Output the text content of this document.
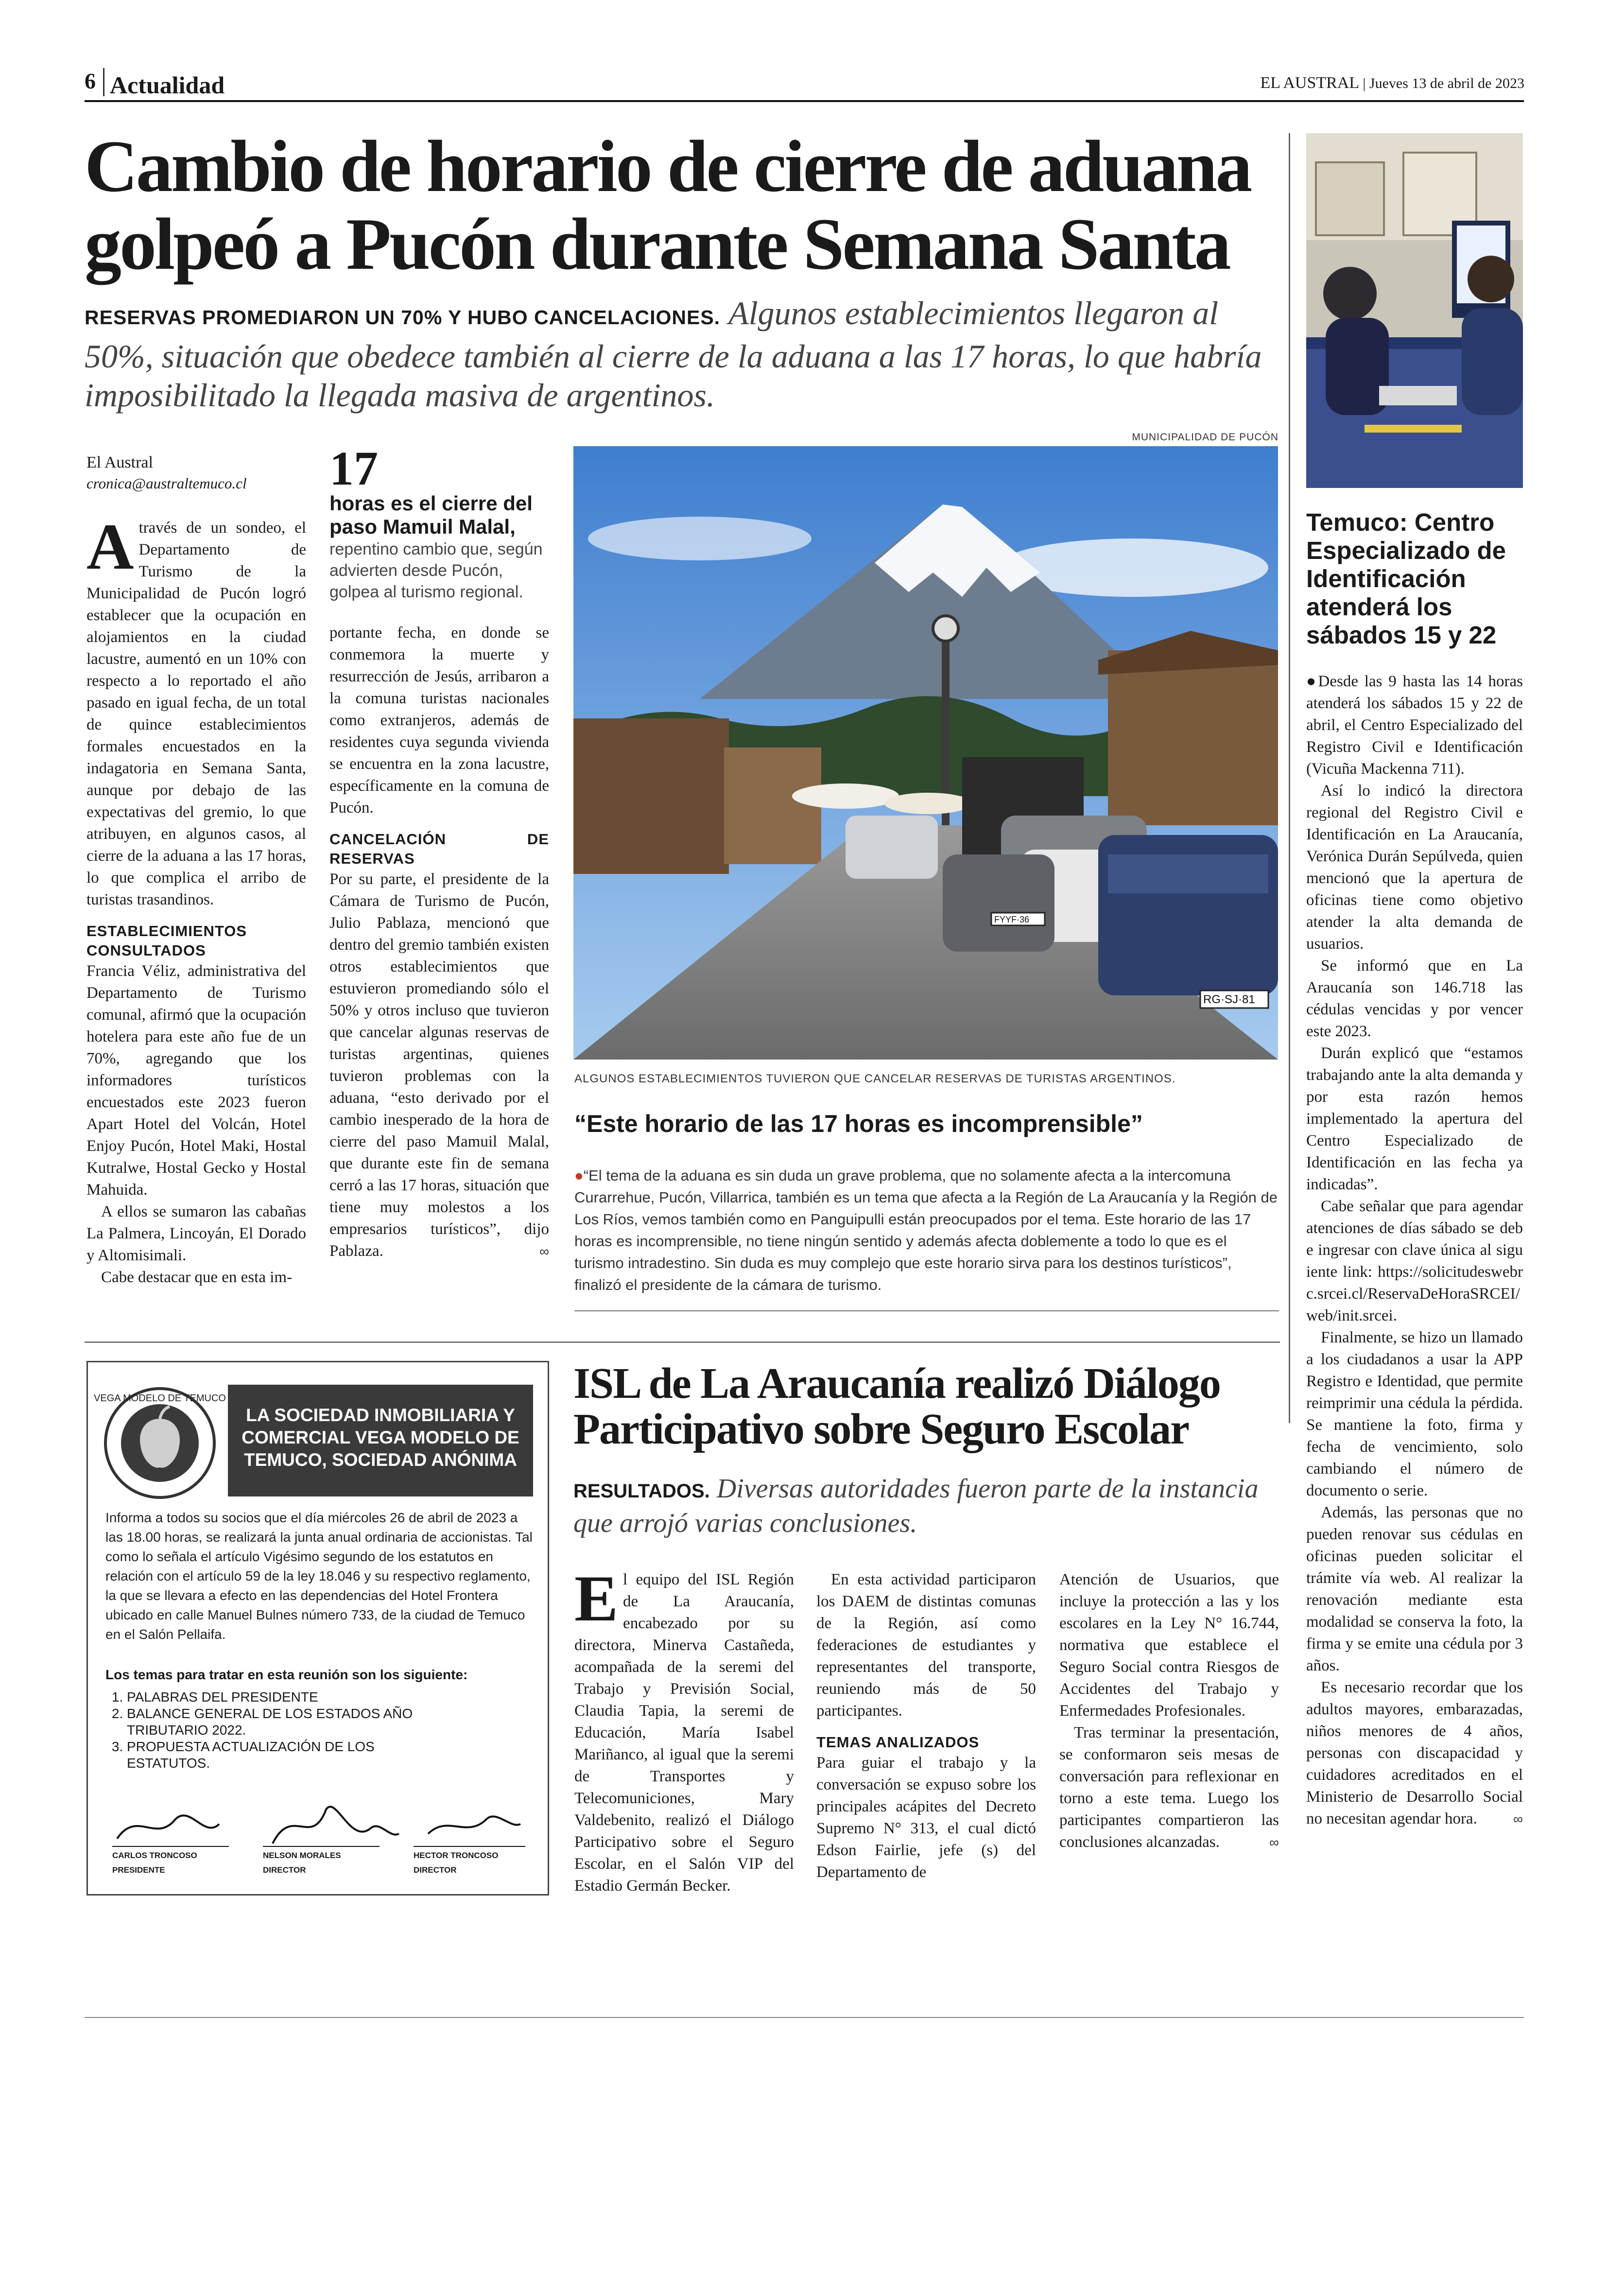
6 Actualidad	EL AUSTRAL | Jueves 13 de abril de 2023
Cambio de horario de cierre de aduana
golpeó a Pucón durante Semana Santa
RESERVAS PROMEDIARON UN 70% Y HUBO CANCELACIONES. Algunos establecimientos llegaron al 50%, situación que obedece también al cierre de la aduana a las 17 horas, lo que habría imposibilitado la llegada masiva de argentinos.
El Austral
cronica@australtemuco.cl

Através de un sondeo, el Departamento de Turismo de la Municipalidad de Pucón logró establecer que la ocupación en alojamientos en la ciudad lacustre, aumentó en un 10% con respecto a lo reportado el año pasado en igual fecha, de un total de quince establecimientos formales encuestados en la indagatoria en Semana Santa, aunque por debajo de las expectativas del gremio, lo que atribuyen, en algunos casos, al cierre de la aduana a las 17 horas, lo que complica el arribo de turistas trasandinos.

ESTABLECIMIENTOS CONSULTADOS

Francia Véliz, administrativa del Departamento de Turismo comunal, afirmó que la ocupación hotelera para este año fue de un 70%, agregando que los informadores turísticos encuestados este 2023 fueron Apart Hotel del Volcán, Hotel Enjoy Pucón, Hotel Maki, Hostal Kutralwe, Hostal Gecko y Hostal Mahuida.

A ellos se sumaron las cabañas La Palmera, Lincoyán, El Dorado y Altomisimali.

Cabe destacar que en esta im-

17
horas es el cierre del paso Mamuil Malal,
repentino cambio que, según advierten desde Pucón, golpea al turismo regional.

portante fecha, en donde se conmemora la muerte y resurrección de Jesús, arribaron a la comuna turistas nacionales como extranjeros, además de residentes cuya segunda vivienda se encuentra en la zona lacustre, específicamente en la comuna de Pucón.

CANCELACIÓN DE RESERVAS

Por su parte, el presidente de la Cámara de Turismo de Pucón, Julio Pablaza, mencionó que dentro del gremio también existen otros establecimientos que estuvieron promediando sólo el 50% y otros incluso que tuvieron que cancelar algunas reservas de turistas argentinas, quienes tuvieron problemas con la aduana, “esto derivado por el cambio inesperado de la hora de cierre del paso Mamuil Malal, que durante este fin de semana cerró a las 17 horas, situación que tiene muy molestos a los empresarios turísticos”, dijo Pablaza.	∞

MUNICIPALIDAD DE PUCÓN
FYYF·36
RG·SJ·81
ALGUNOS ESTABLECIMIENTOS TUVIERON QUE CANCELAR RESERVAS DE TURISTAS ARGENTINOS.
“Este horario de las 17 horas es incomprensible”
●“El tema de la aduana es sin duda un grave problema, que no solamente afecta a la intercomuna Curarrehue, Pucón, Villarrica, también es un tema que afecta a la Región de La Araucanía y la Región de Los Ríos, vemos también como en Panguipulli están preocupados por el tema. Este horario de las 17 horas es incomprensible, no tiene ningún sentido y además afecta doblemente a todo lo que es el turismo intradestino. Sin duda es muy complejo que este horario sirva para los destinos turísticos”, finalizó el presidente de la cámara de turismo.
Temuco: Centro Especializado de Identificación atenderá los sábados 15 y 22

●Desde las 9 hasta las 14 horas atenderá los sábados 15 y 22 de abril, el Centro Especializado del Registro Civil e Identificación (Vicuña Mackenna 711).

Así lo indicó la directora regional del Registro Civil e Identificación en La Araucanía, Verónica Durán Sepúlveda, quien mencionó que la apertura de oficinas tiene como objetivo atender la alta demanda de usuarios.

Se informó que en La Araucanía son 146.718 las cédulas vencidas y por vencer este 2023.

Durán explicó que “estamos trabajando ante la alta demanda y por esta razón hemos implementado la apertura del Centro Especializado de Identificación en las fecha ya indicadas”.

Cabe señalar que para agendar atenciones de días sábado se debe ingresar con clave única al siguiente link: https://solicitudeswebrc.srcei.cl/ReservaDeHoraSRCEI/web/init.srcei.

Finalmente, se hizo un llamado a los ciudadanos a usar la APP Registro e Identidad, que permite reimprimir una cédula la pérdida. Se mantiene la foto, firma y fecha de vencimiento, solo cambiando el número de documento o serie.

Además, las personas que no pueden renovar sus cédulas en oficinas pueden solicitar el trámite vía web. Al realizar la renovación mediante esta modalidad se conserva la foto, la firma y se emite una cédula por 3 años.

Es necesario recordar que los adultos mayores, embarazadas, niños menores de 4 años, personas con discapacidad y cuidadores acreditados en el Ministerio de Desarrollo Social no necesitan agendar hora.	∞

VEGA MODELO DE TEMUCO
LA SOCIEDAD INMOBILIARIA Y COMERCIAL VEGA MODELO DE TEMUCO, SOCIEDAD ANÓNIMA
Informa a todos su socios que el día miércoles 26 de abril de 2023 a las 18.00 horas, se realizará la junta anual ordinaria de accionistas. Tal como lo señala el artículo Vigésimo segundo de los estatutos en relación con el artículo 59 de la ley 18.046 y su respectivo reglamento, la que se llevara a efecto en las dependencias del Hotel Frontera ubicado en calle Manuel Bulnes número 733, de la ciudad de Temuco en el Salón Pellaifa.
Los temas para tratar en esta reunión son los siguiente:
1. PALABRAS DEL PRESIDENTE
2. BALANCE GENERAL DE LOS ESTADOS AÑO TRIBUTARIO 2022.
3. PROPUESTA ACTUALIZACIÓN DE LOS ESTATUTOS.
CARLOS TRONCOSO
PRESIDENTE
NELSON MORALES
DIRECTOR
HECTOR TRONCOSO
DIRECTOR
ISL de La Araucanía realizó Diálogo
Participativo sobre Seguro Escolar
RESULTADOS. Diversas autoridades fueron parte de la instancia que arrojó varias conclusiones.

El equipo del ISL Región de La Araucanía, encabezado por su directora, Minerva Castañeda, acompañada de la seremi del Trabajo y Previsión Social, Claudia Tapia, la seremi de Educación, María Isabel Mariñanco, al igual que la seremi de Transportes y Telecomuniciones, Mary Valdebenito, realizó el Diálogo Participativo sobre el Seguro Escolar, en el Salón VIP del Estadio Germán Becker.

En esta actividad participaron los DAEM de distintas comunas de la Región, así como federaciones de estudiantes y representantes del transporte, reuniendo más de 50 participantes.

TEMAS ANALIZADOS

Para guiar el trabajo y la conversación se expuso sobre los principales acápites del Decreto Supremo N° 313, el cual dictó Edson Fairlie, jefe (s) del Departamento de

Atención de Usuarios, que incluye la protección a las y los escolares en la Ley N° 16.744, normativa que establece el Seguro Social contra Riesgos de Accidentes del Trabajo y Enfermedades Profesionales.

Tras terminar la presentación, se conformaron seis mesas de conversación para reflexionar en torno a este tema. Luego los participantes compartieron las conclusiones alcanzadas.	∞
